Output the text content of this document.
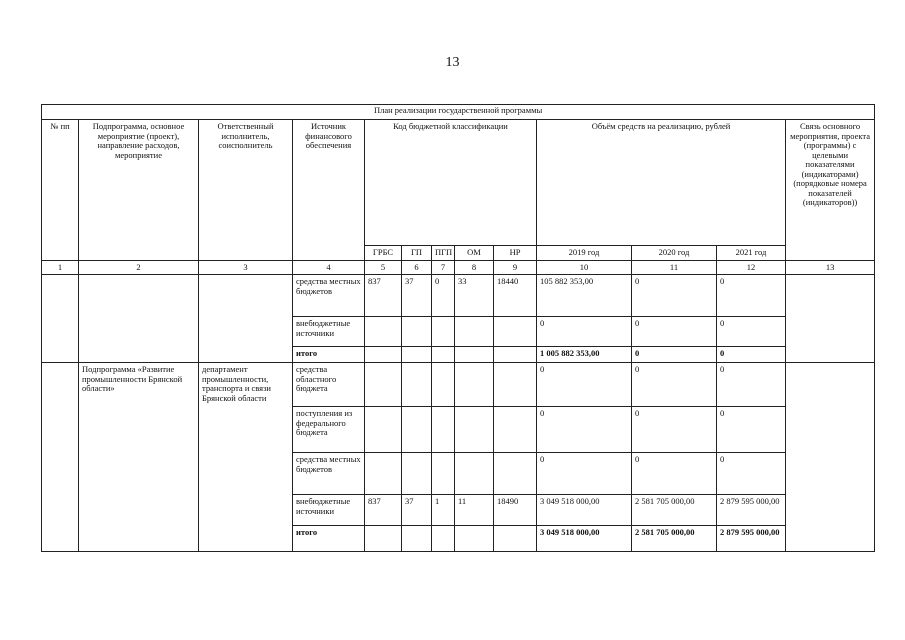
13
План реализации государственной программы												
№ пп	Подпрограмма, основное мероприятие (проект), направление расходов, мероприятие	Ответственный исполнитель, соисполнитель	Источник финансового обеспечения	Код бюджетной классификации					Объём средств на реализацию, рублей			Связь основного мероприятия, проекта (программы) с целевыми показателями (индикаторами) (порядковые номера показателей (индикаторов))
				ГРБС	ГП	ПГП	ОМ	НР	2019 год	2020 год	2021 год	
1	2	3	4	5	6	7	8	9	10	11	12	13
			средства местных бюджетов	837	37	0	33	18440	105 882 353,00	0	0	
			внебюджетные источники						0	0	0	
			итого						1 005 882 353,00	0	0	
	Подпрограмма «Развитие промышленности Брянской области»	департамент промышленности, транспорта и связи Брянской области	средства областного бюджета						0	0	0	
			поступления из федерального бюджета						0	0	0	
			средства местных бюджетов						0	0	0	
			внебюджетные источники	837	37	1	11	18490	3 049 518 000,00	2 581 705 000,00	2 879 595 000,00	
			итого						3 049 518 000,00	2 581 705 000,00	2 879 595 000,00	
